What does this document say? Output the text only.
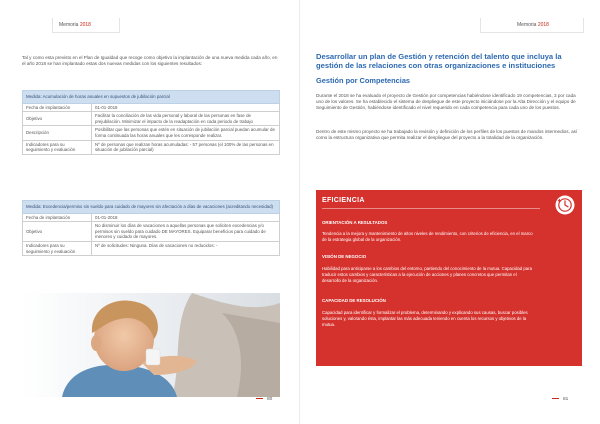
Memoria 2018
Tal y como esta previsto en el Plan de Igualdad que recoge como objetivo la implantación de una nueva medida cada año, en el año 2018 se han implantado estas dos nuevas medidas con los siguientes resultados:
Medida: Acumulación de horas anuales en supuestos de jubilación parcial	
Fecha de implantación	01-01-2018
Objetivo	Facilitar la conciliación de las vida personal y laboral de las personas en fase de prejubilación. Minimizar el impacto de la readaptación en cada periodo de trabajo
Descripción	Posibilitar que las personas que estén en situación de jubilación parcial puedan acumular de forma continuada las horas anuales que les corresponde realizar.
Indicadores para su seguimiento y evaluación	Nº de personas que realizan horas acumuladas: - 57 personas (el 100% de las personas en situación de jubilación parcial)
Medida: Excedencia/permiso sin sueldo para cuidado de mayores sin afectación a días de vacaciones (acreditando necesidad)	
Fecha de implantación	01-01-2018
Objetivo	No disminuir los días de vacaciones a aquellas personas que soliciten excedencias y/o permisos sin sueldo para cuidado DE MAYORES. Equiparar beneficios para cuidado de menores y cuidado de mayores.
Indicadores para su seguimiento y evaluación	Nº de solicitudes: Ninguna. Días de vacaciones no reducidos: -
80
Memoria 2018
Desarrollar un plan de Gestión y retención del talento que incluya la gestión de las relaciones con otras organizaciones e instituciones
Gestión por Competencias
Durante el 2018 se ha evaluado el proyecto de Gestión por competencias habiéndose identificado 19 competencias, 3 por cada uno de los valores. Se ha establecido el sistema de despliegue de este proyecto iniciándose por la Alta Dirección y el equipo de Seguimiento de Gestión, habiéndose identificado el nivel requerido en cada competencia para cada uno de los puestos.
Dentro de este mismo proyecto se ha trabajado la revisión y definición de los perfiles de los puestos de mandos intermedios, así como la estructura organizativa que permita realizar el despliegue del proyecto a la totalidad de la organización.
EFICIENCIA
ORIENTACIÓN A RESULTADOS
Tendencia a la mejora y mantenimiento de altos niveles de rendimiento, con criterios de eficiencia, en el marco de la estrategia global de la organización.
VISIÓN DE NEGOCIO
Habilidad para anticiparse a los cambios del entorno, partiendo del conocimiento de la mutua. Capacidad para traducir estos cambios y características a la ejecución de acciones y planes concretos que permitan el desarrollo de la organización.
CAPACIDAD DE RESOLUCIÓN
Capacidad para identificar y formalizar el problema, determinando y explicando sus causas, buscar posibles soluciones y, valorando ésta, implantar las más adecuada teniendo en cuenta los recursos y objetivos de la mutua.
81
